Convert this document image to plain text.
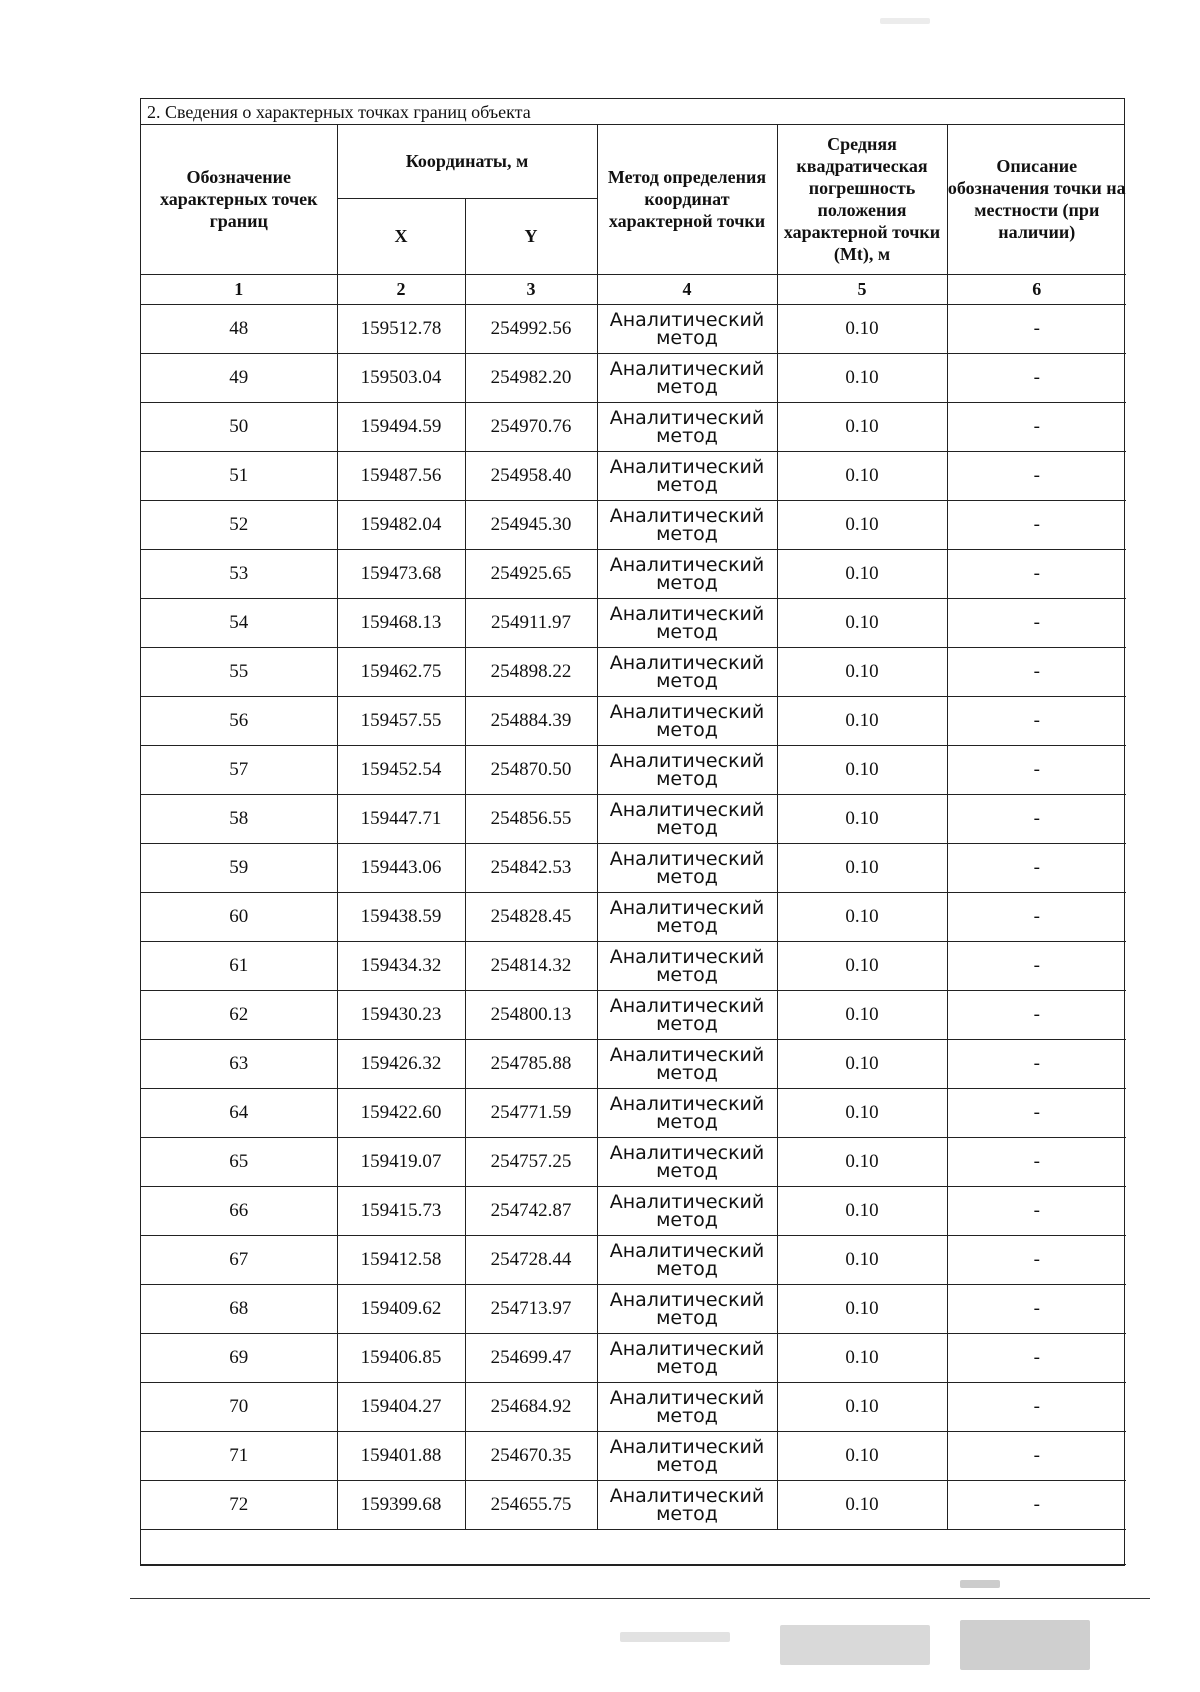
2. Сведения о характерных точках границ объекта
Обозначение характерных точек границ	Координаты, м		Метод определения координат характерной точки	Средняя квадратическая погрешность положения характерной точки (Mt), м	Описание обозначения точки на местности (при наличии)
	X	Y			
1	2	3	4	5	6
48	159512.78	254992.56	Аналитический метод	0.10	-
49	159503.04	254982.20	Аналитический метод	0.10	-
50	159494.59	254970.76	Аналитический метод	0.10	-
51	159487.56	254958.40	Аналитический метод	0.10	-
52	159482.04	254945.30	Аналитический метод	0.10	-
53	159473.68	254925.65	Аналитический метод	0.10	-
54	159468.13	254911.97	Аналитический метод	0.10	-
55	159462.75	254898.22	Аналитический метод	0.10	-
56	159457.55	254884.39	Аналитический метод	0.10	-
57	159452.54	254870.50	Аналитический метод	0.10	-
58	159447.71	254856.55	Аналитический метод	0.10	-
59	159443.06	254842.53	Аналитический метод	0.10	-
60	159438.59	254828.45	Аналитический метод	0.10	-
61	159434.32	254814.32	Аналитический метод	0.10	-
62	159430.23	254800.13	Аналитический метод	0.10	-
63	159426.32	254785.88	Аналитический метод	0.10	-
64	159422.60	254771.59	Аналитический метод	0.10	-
65	159419.07	254757.25	Аналитический метод	0.10	-
66	159415.73	254742.87	Аналитический метод	0.10	-
67	159412.58	254728.44	Аналитический метод	0.10	-
68	159409.62	254713.97	Аналитический метод	0.10	-
69	159406.85	254699.47	Аналитический метод	0.10	-
70	159404.27	254684.92	Аналитический метод	0.10	-
71	159401.88	254670.35	Аналитический метод	0.10	-
72	159399.68	254655.75	Аналитический метод	0.10	-
